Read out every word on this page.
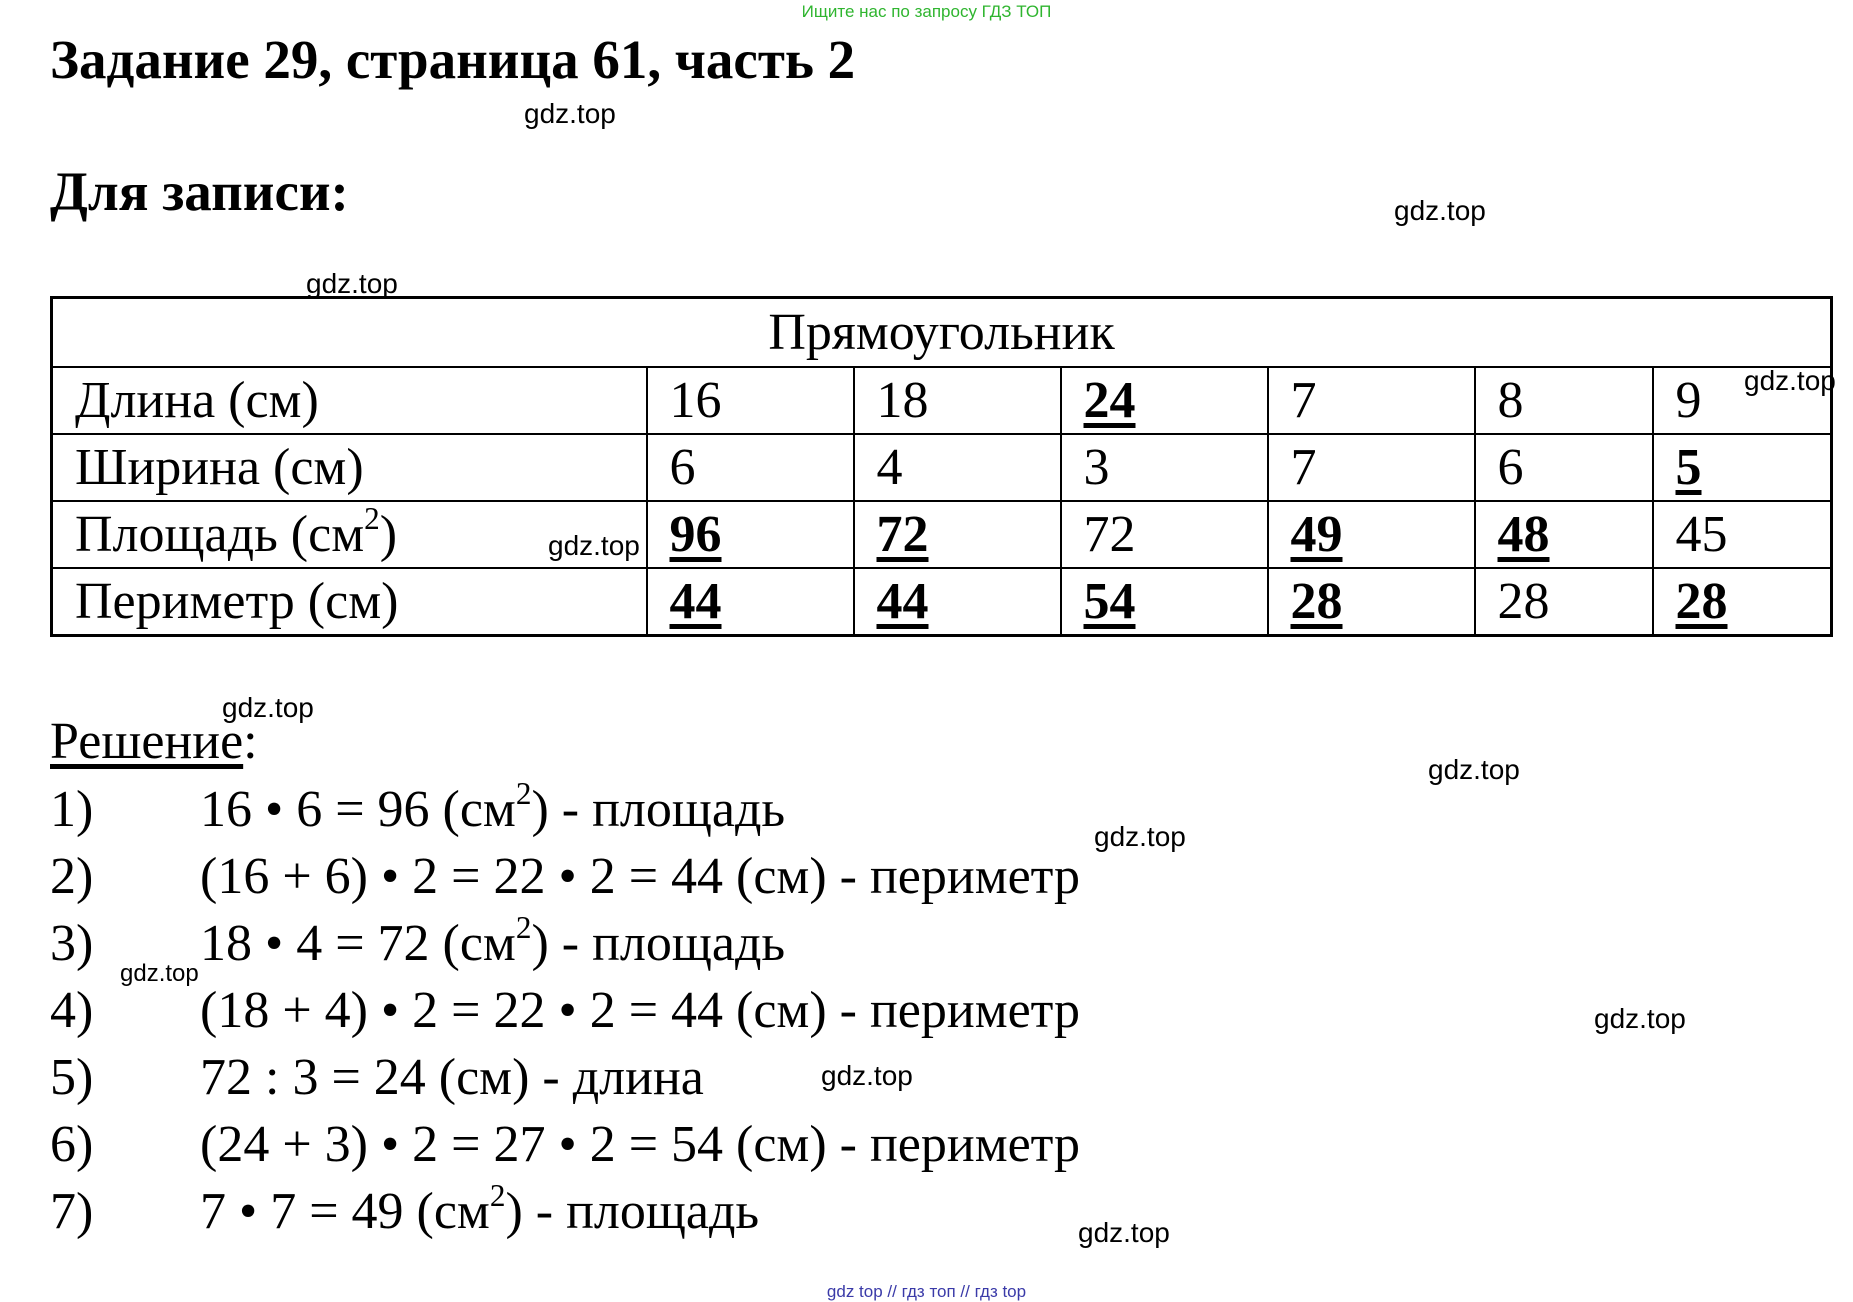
Ищите нас по запросу ГДЗ ТОП
Задание 29, страница 61, часть 2
Для записи:
gdz.top
gdz.top
gdz.top
gdz.top
gdz.top
gdz.top
gdz.top
gdz.top
gdz.top
gdz.top
gdz.top
gdz.top
Прямоугольник						
Длина (см)	16	18	24	7	8	9
Ширина (см)	6	4	3	7	6	5
Площадь $(см^2)$	96	72	72	49	48	45
Периметр (см)	44	44	54	28	28	28
Решение:
1) 16 • 6 = 96 $(см^2)$ - площадь
2) (16 + 6) • 2 = 22 • 2 = 44 (см) - периметр
3) 18 • 4 = 72 $(см^2)$ - площадь
4) (18 + 4) • 2 = 22 • 2 = 44 (см) - периметр
5) 72 : 3 = 24 (см) - длина
6) (24 + 3) • 2 = 27 • 2 = 54 (см) - периметр
7) 7 • 7 = 49 $(см^2)$ - площадь
gdz top // гдз топ // гдз top
